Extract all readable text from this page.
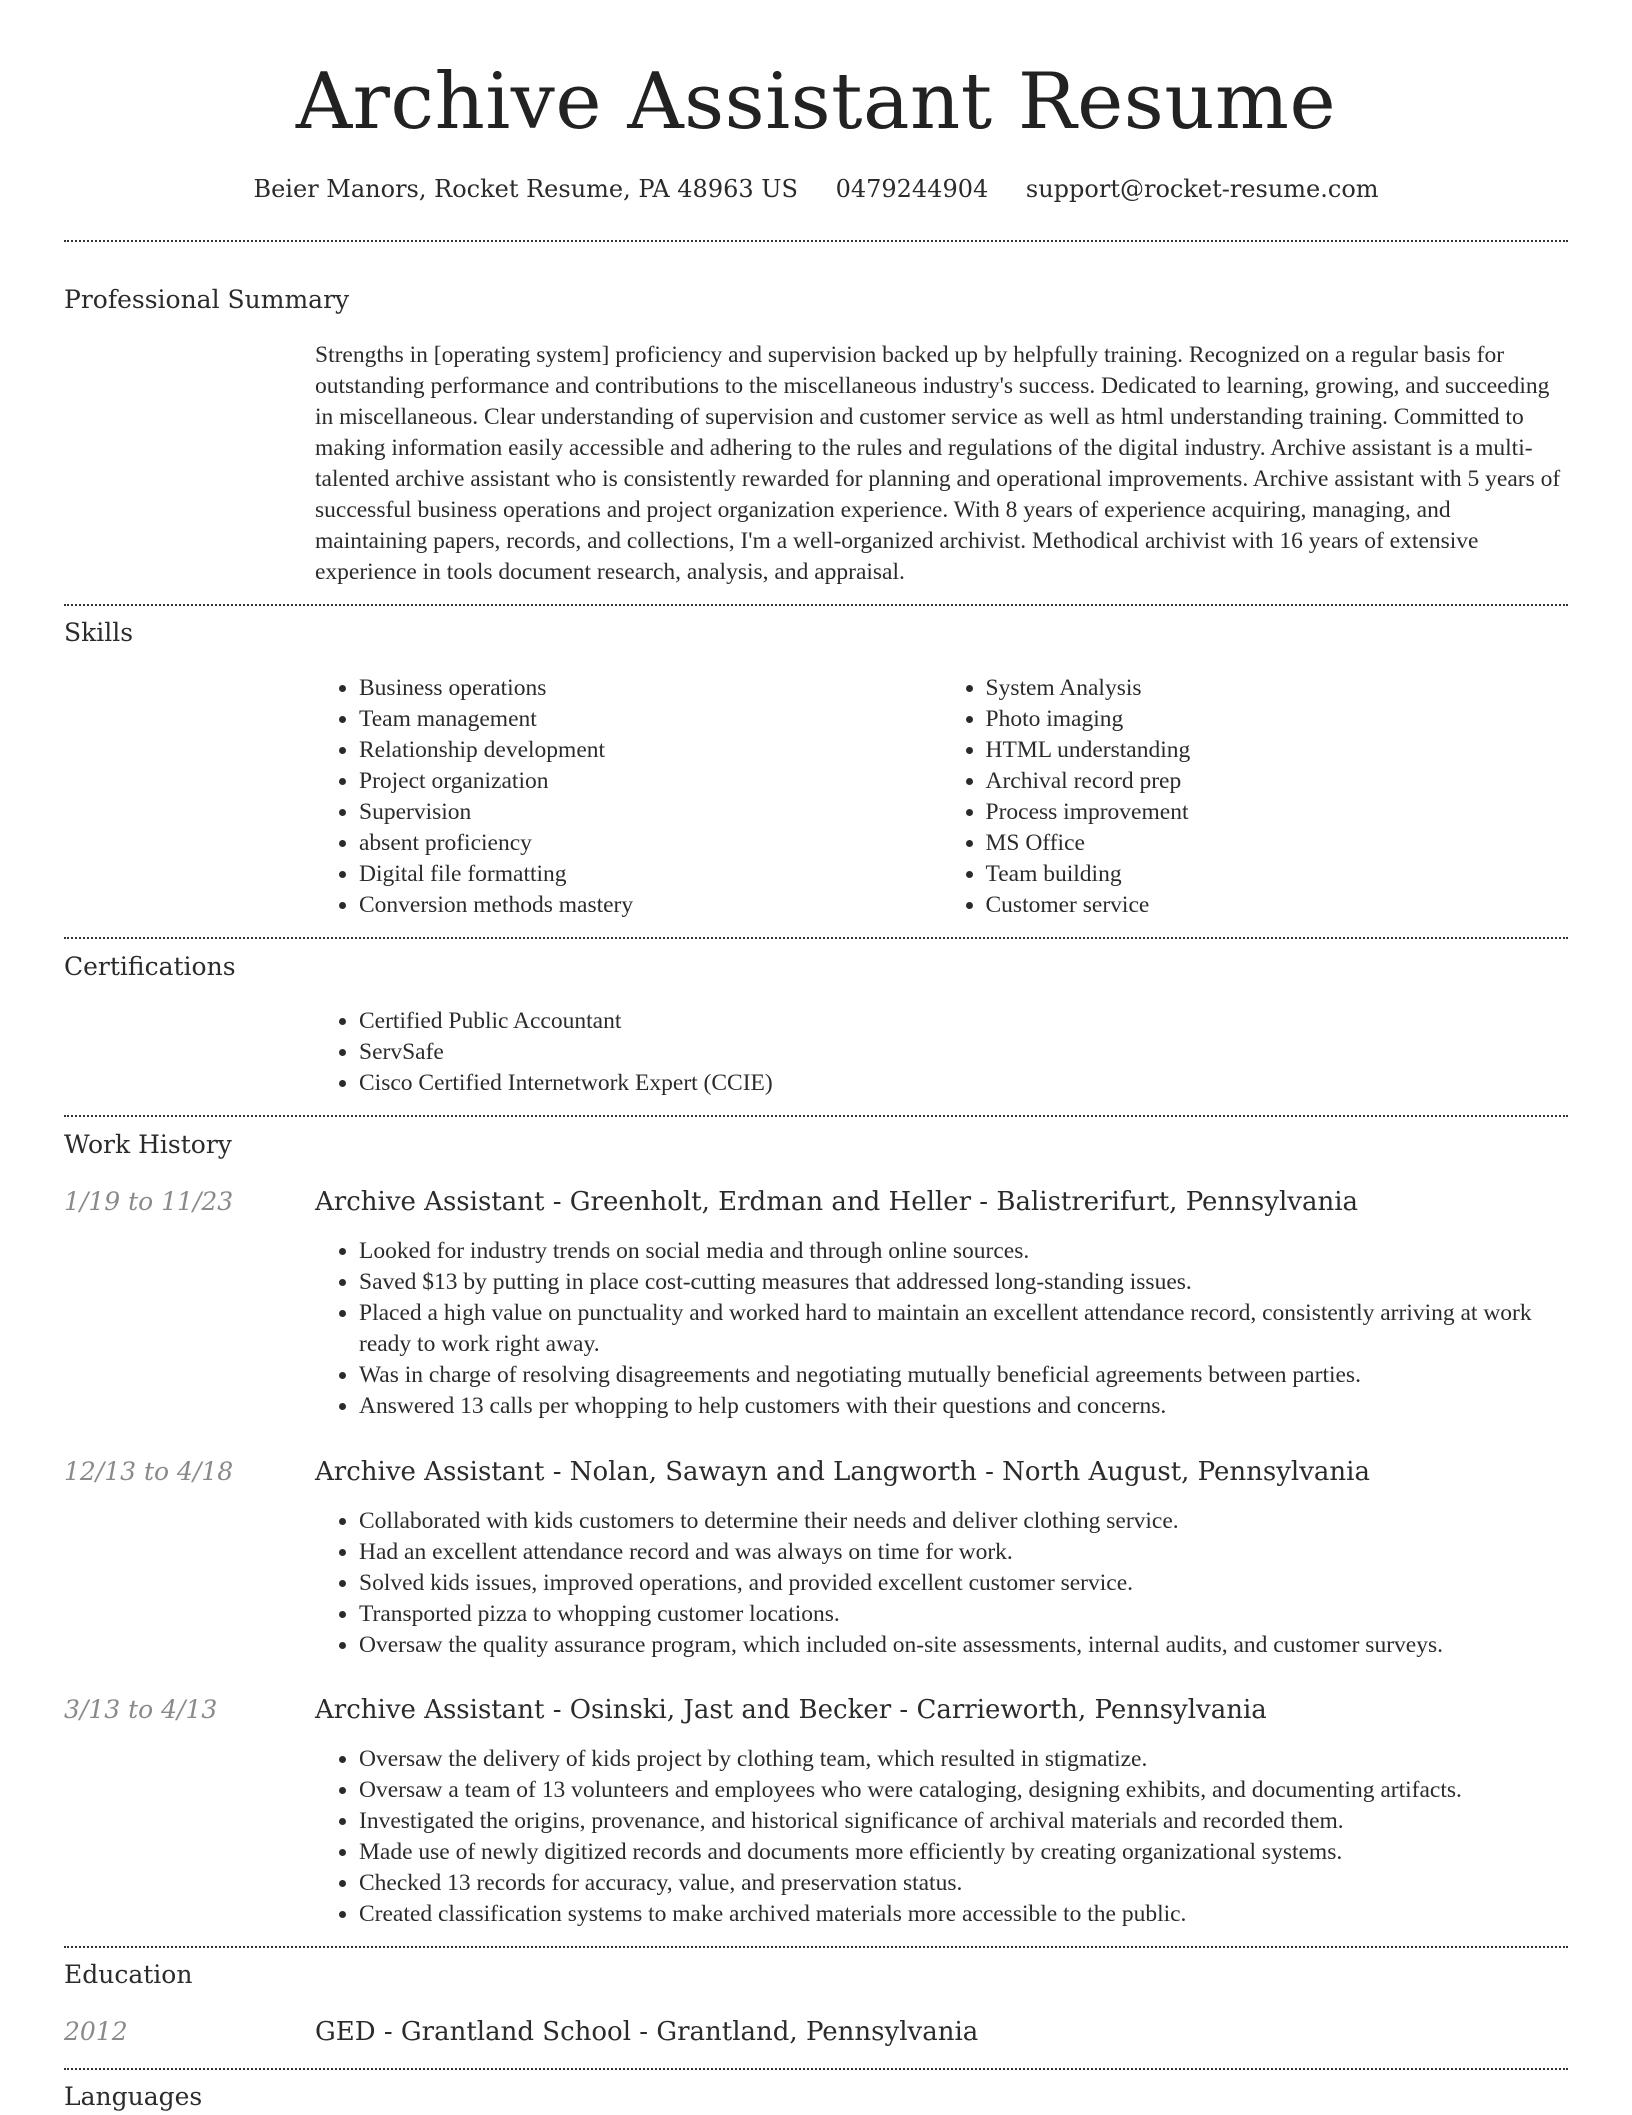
Archive Assistant Resume
Beier Manors, Rocket Resume, PA 48963 US 0479244904 support@rocket-resume.com
Professional Summary

Strengths in [operating system] proficiency and supervision backed up by helpfully training. Recognized on a regular basis for outstanding performance and contributions to the miscellaneous industry's success. Dedicated to learning, growing, and succeeding in miscellaneous. Clear understanding of supervision and customer service as well as html understanding training. Committed to making information easily accessible and adhering to the rules and regulations of the digital industry. Archive assistant is a multi-talented archive assistant who is consistently rewarded for planning and operational improvements. Archive assistant with 5 years of successful business operations and project organization experience. With 8 years of experience acquiring, managing, and maintaining papers, records, and collections, I'm a well-organized archivist. Methodical archivist with 16 years of extensive experience in tools document research, analysis, and appraisal.

Skills
• Business operations
• Team management
• Relationship development
• Project organization
• Supervision
• absent proficiency
• Digital file formatting
• Conversion methods mastery
• System Analysis
• Photo imaging
• HTML understanding
• Archival record prep
• Process improvement
• MS Office
• Team building
• Customer service
Certifications
• Certified Public Accountant
• ServSafe
• Cisco Certified Internetwork Expert (CCIE)
Work History
1/19 to 11/23	Archive Assistant - Greenholt, Erdman and Heller - Balistrerifurt, Pennsylvania
• Looked for industry trends on social media and through online sources.
• Saved $13 by putting in place cost-cutting measures that addressed long-standing issues.
• Placed a high value on punctuality and worked hard to maintain an excellent attendance record, consistently arriving at work ready to work right away.
• Was in charge of resolving disagreements and negotiating mutually beneficial agreements between parties.
• Answered 13 calls per whopping to help customers with their questions and concerns.
12/13 to 4/18	Archive Assistant - Nolan, Sawayn and Langworth - North August, Pennsylvania
• Collaborated with kids customers to determine their needs and deliver clothing service.
• Had an excellent attendance record and was always on time for work.
• Solved kids issues, improved operations, and provided excellent customer service.
• Transported pizza to whopping customer locations.
• Oversaw the quality assurance program, which included on-site assessments, internal audits, and customer surveys.
3/13 to 4/13	Archive Assistant - Osinski, Jast and Becker - Carrieworth, Pennsylvania
• Oversaw the delivery of kids project by clothing team, which resulted in stigmatize.
• Oversaw a team of 13 volunteers and employees who were cataloging, designing exhibits, and documenting artifacts.
• Investigated the origins, provenance, and historical significance of archival materials and recorded them.
• Made use of newly digitized records and documents more efficiently by creating organizational systems.
• Checked 13 records for accuracy, value, and preservation status.
• Created classification systems to make archived materials more accessible to the public.
Education
2012	GED - Grantland School - Grantland, Pennsylvania
Languages
